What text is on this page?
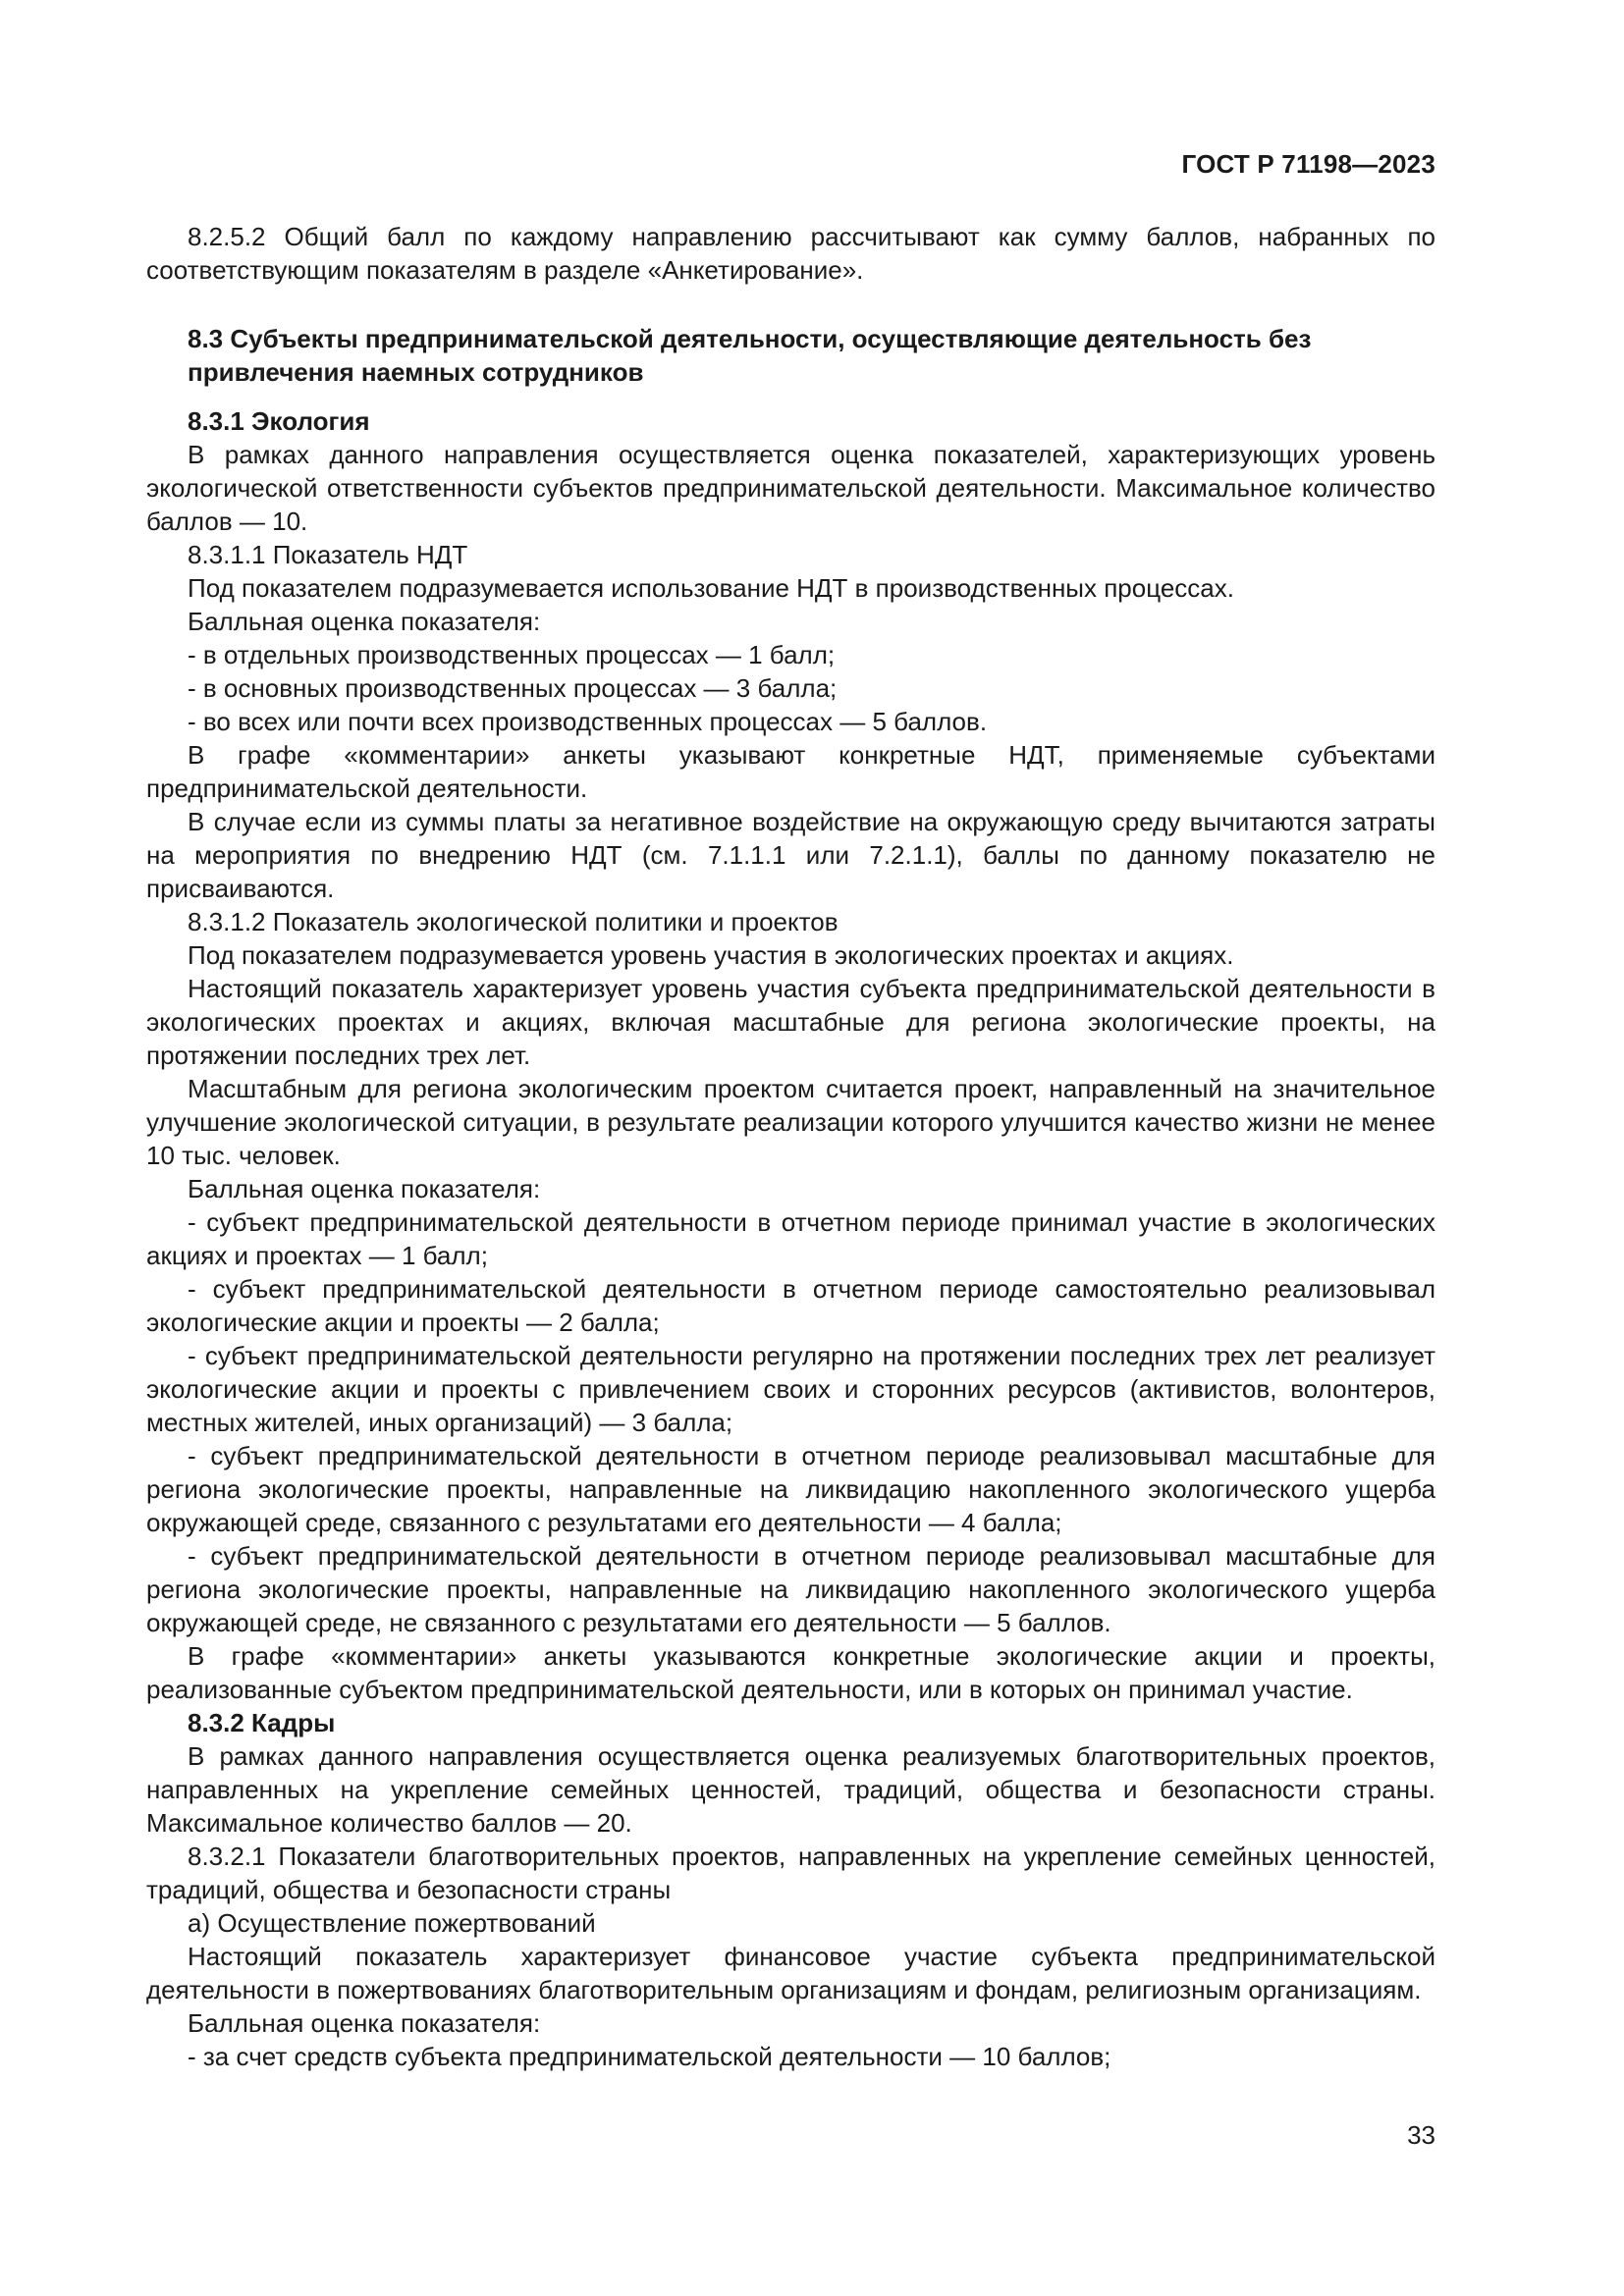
ГОСТ Р 71198—2023

8.2.5.2 Общий балл по каждому направлению рассчитывают как сумму баллов, набранных по соответствующим показателям в разделе «Анкетирование».

8.3 Субъекты предпринимательской деятельности, осуществляющие деятельность без привлечения наемных сотрудников

8.3.1 Экология

В рамках данного направления осуществляется оценка показателей, характеризующих уровень экологической ответственности субъектов предпринимательской деятельности. Максимальное количество баллов — 10.

8.3.1.1 Показатель НДТ

Под показателем подразумевается использование НДТ в производственных процессах.

Балльная оценка показателя:

- в отдельных производственных процессах — 1 балл;

- в основных производственных процессах — 3 балла;

- во всех или почти всех производственных процессах — 5 баллов.

В графе «комментарии» анкеты указывают конкретные НДТ, применяемые субъектами предпринимательской деятельности.

В случае если из суммы платы за негативное воздействие на окружающую среду вычитаются затраты на мероприятия по внедрению НДТ (см. 7.1.1.1 или 7.2.1.1), баллы по данному показателю не присваиваются.

8.3.1.2 Показатель экологической политики и проектов

Под показателем подразумевается уровень участия в экологических проектах и акциях.

Настоящий показатель характеризует уровень участия субъекта предпринимательской деятельности в экологических проектах и акциях, включая масштабные для региона экологические проекты, на протяжении последних трех лет.

Масштабным для региона экологическим проектом считается проект, направленный на значительное улучшение экологической ситуации, в результате реализации которого улучшится качество жизни не менее 10 тыс. человек.

Балльная оценка показателя:

- субъект предпринимательской деятельности в отчетном периоде принимал участие в экологических акциях и проектах — 1 балл;

- субъект предпринимательской деятельности в отчетном периоде самостоятельно реализовывал экологические акции и проекты — 2 балла;

- субъект предпринимательской деятельности регулярно на протяжении последних трех лет реализует экологические акции и проекты с привлечением своих и сторонних ресурсов (активистов, волонтеров, местных жителей, иных организаций) — 3 балла;

- субъект предпринимательской деятельности в отчетном периоде реализовывал масштабные для региона экологические проекты, направленные на ликвидацию накопленного экологического ущерба окружающей среде, связанного с результатами его деятельности — 4 балла;

- субъект предпринимательской деятельности в отчетном периоде реализовывал масштабные для региона экологические проекты, направленные на ликвидацию накопленного экологического ущерба окружающей среде, не связанного с результатами его деятельности — 5 баллов.

В графе «комментарии» анкеты указываются конкретные экологические акции и проекты, реализованные субъектом предпринимательской деятельности, или в которых он принимал участие.

8.3.2 Кадры

В рамках данного направления осуществляется оценка реализуемых благотворительных проектов, направленных на укрепление семейных ценностей, традиций, общества и безопасности страны. Максимальное количество баллов — 20.

8.3.2.1 Показатели благотворительных проектов, направленных на укрепление семейных ценностей, традиций, общества и безопасности страны

а) Осуществление пожертвований

Настоящий показатель характеризует финансовое участие субъекта предпринимательской деятельности в пожертвованиях благотворительным организациям и фондам, религиозным организациям.

Балльная оценка показателя:

- за счет средств субъекта предпринимательской деятельности — 10 баллов;

33
